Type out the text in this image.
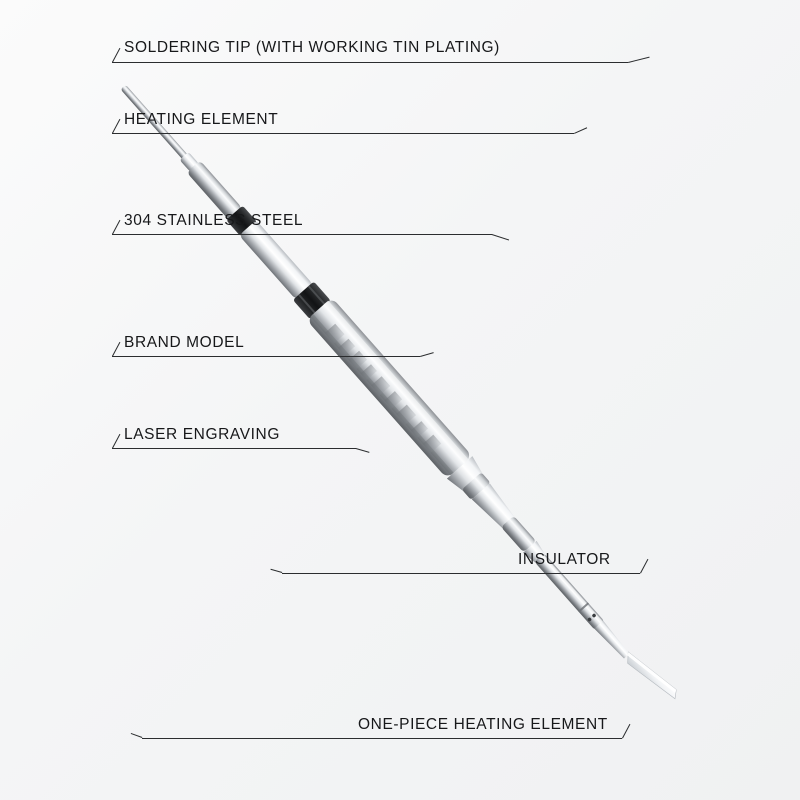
SOLDERING TIP (WITH WORKING TIN PLATING)
HEATING ELEMENT
304 STAINLESS STEEL
BRAND MODEL
LASER ENGRAVING
INSULATOR
ONE-PIECE HEATING ELEMENT
